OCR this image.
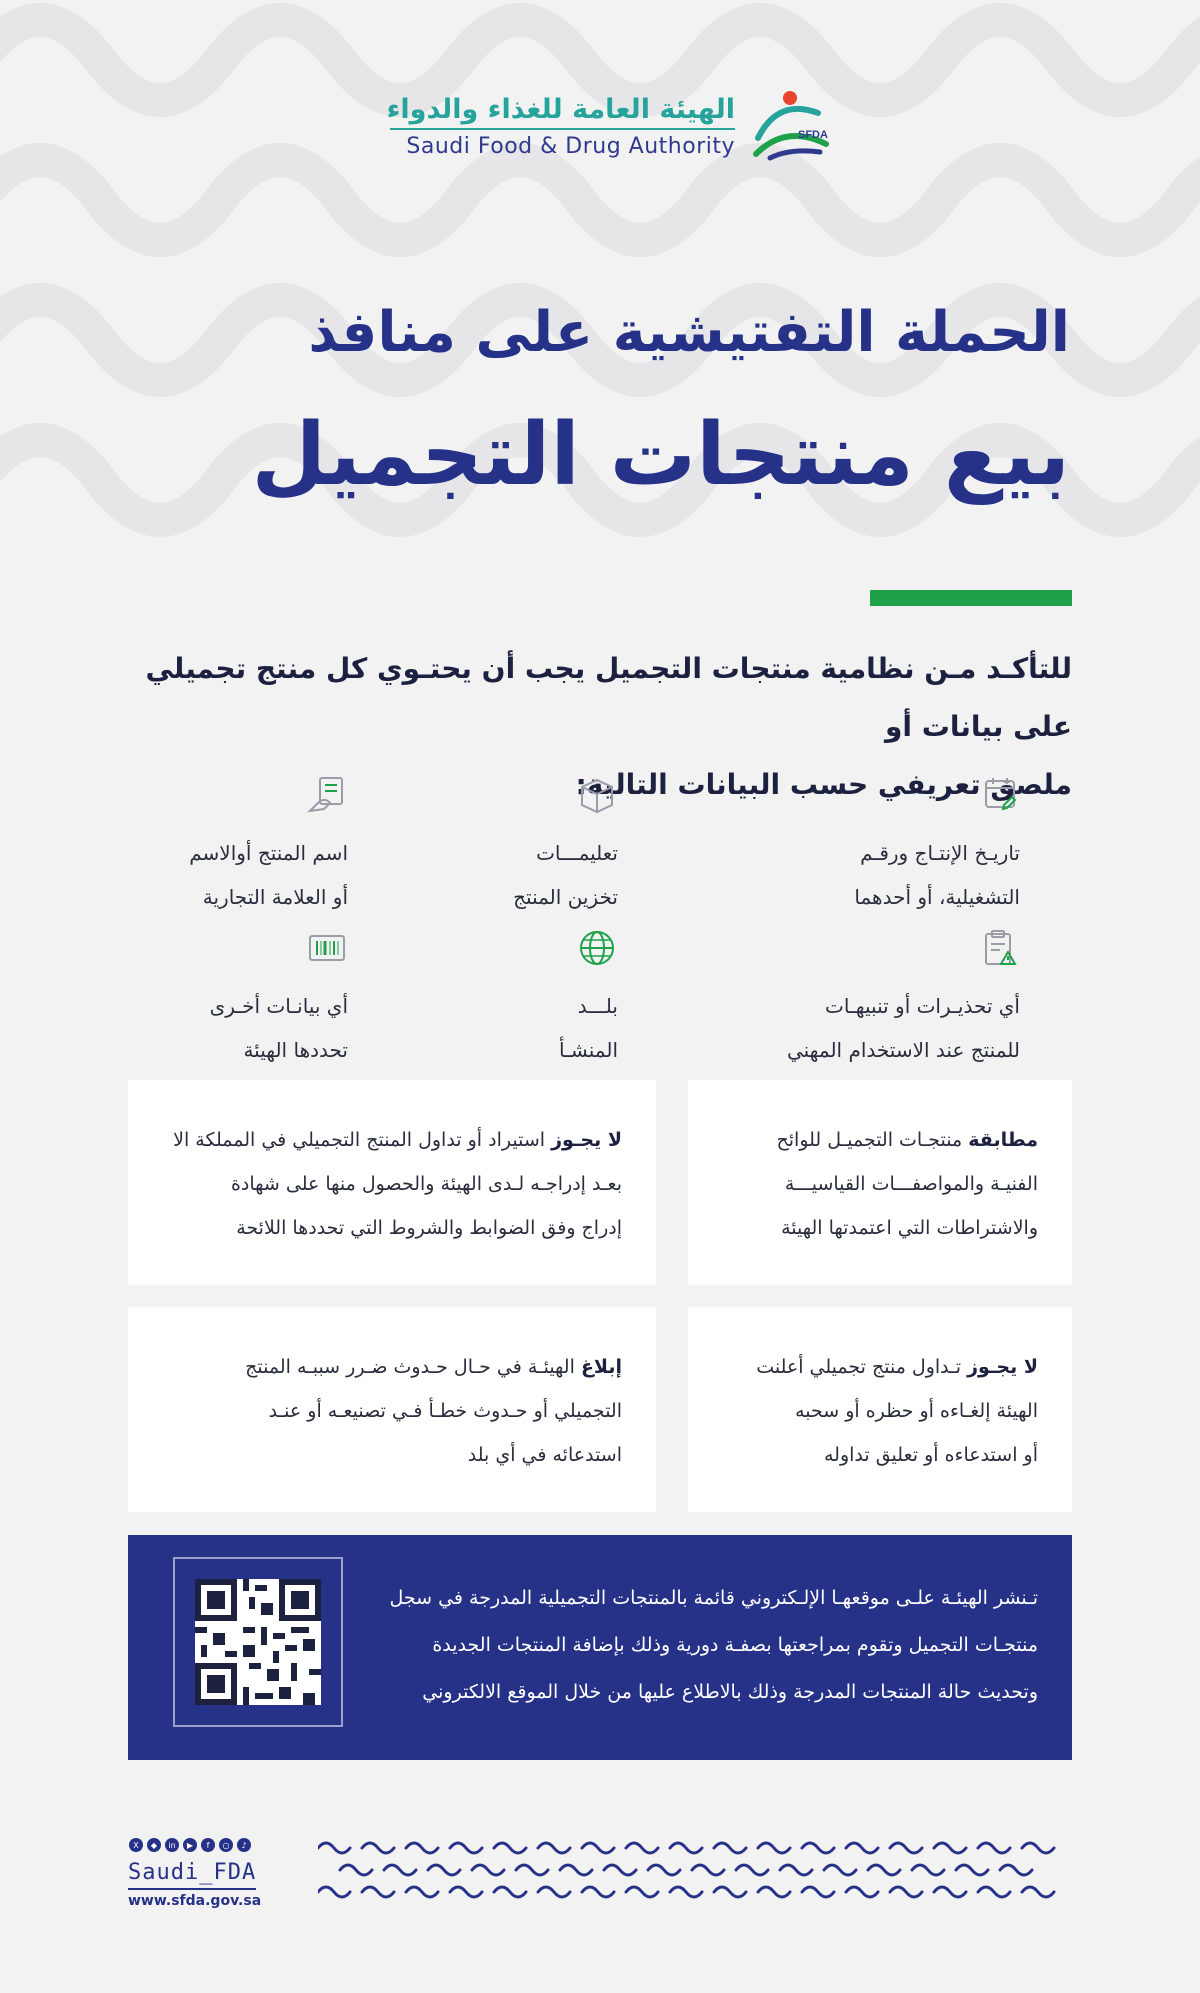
الهيئة العامة للغذاء والدواء
Saudi Food & Drug Authority	SFDA
الحملة التفتيشية على منافذ
بيع منتجات التجميل
للتأكـد مـن نظامية منتجات التجميل يجب أن يحتـوي كل منتج تجميلي على بيانات أو
ملصق تعريفي حسب البيانات التالية:
تاريـخ الإنتـاج ورقـم
التشغيلية، أو أحدهما
تعليمـــات
تخزين المنتج
اسم المنتج أوالاسم
أو العلامة التجارية
أي تحذيـرات أو تنبيهـات
للمنتج عند الاستخدام المهني
بلـــد
المنشـأ
أي بيانـات أخـرى
تحددها الهيئة
مطابقة منتجـات التجميـل للوائح
الفنيـة والمواصفـــات القياسيـــة
والاشتراطات التي اعتمدتها الهيئة
لا يجـوز استيراد أو تداول المنتج التجميلي في المملكة الا
بعـد إدراجـه لـدى الهيئة والحصول منها على شهادة
إدراج وفق الضوابط والشروط التي تحددها اللائحة
لا يجـوز تـداول منتج تجميلي أعلنت
الهيئة إلغـاءه أو حظره أو سحبه
أو استدعاءه أو تعليق تداوله
إبلاغ الهيئـة في حـال حـدوث ضـرر سببـه المنتج
التجميلي أو حـدوث خطـأ فـي تصنيعـه أو عنـد
استدعائه في أي بلد
تـنشر الهيئـة علـى موقعهـا الإلـكتروني قائمة بالمنتجات التجميلية المدرجة في سجل
منتجـات التجميل وتقوم بمراجعتها بصفـة دورية وذلك بإضافة المنتجات الجديدة
وتحديث حالة المنتجات المدرجة وذلك بالاطلاع عليها من خلال الموقع الالكتروني
X ◆ in ▶ f ○ ♪
Saudi_FDA
www.sfda.gov.sa
